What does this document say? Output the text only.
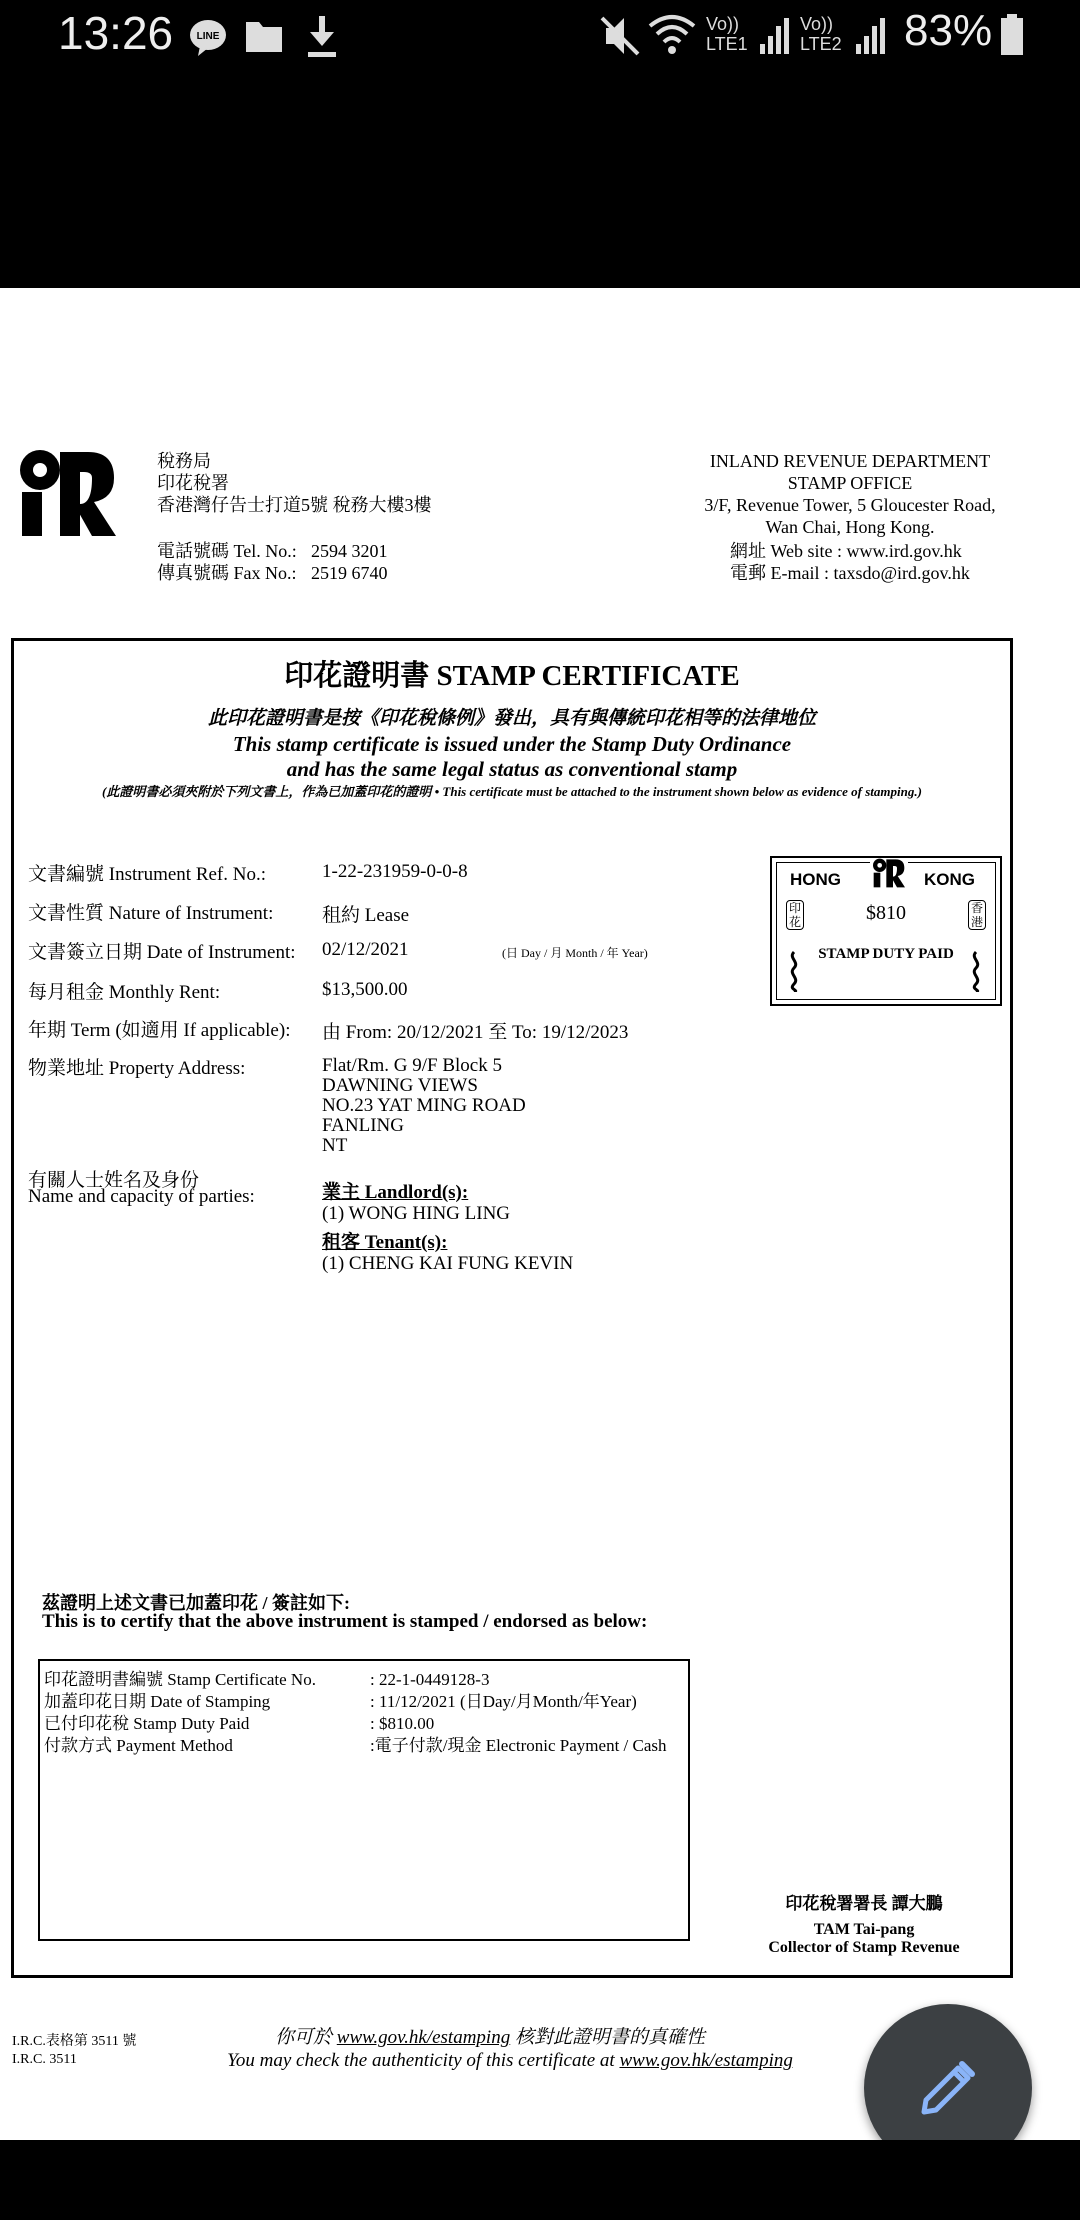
13:26 LINE
Vo)) LTE1
Vo)) LTE2 83%
稅務局
印花稅署
香港灣仔告士打道5號 稅務大樓3樓
電話號碼 Tel. No.: 2594 3201
傳真號碼 Fax No.: 2519 6740
INLAND REVENUE DEPARTMENT
STAMP OFFICE
3/F, Revenue Tower, 5 Gloucester Road,
Wan Chai, Hong Kong.
網址 Web site : www.ird.gov.hk
電郵 E-mail : taxsdo@ird.gov.hk
印花證明書 STAMP CERTIFICATE
此印花證明書是按《印花稅條例》發出，具有與傳統印花相等的法律地位
This stamp certificate is issued under the Stamp Duty Ordinance
and has the same legal status as conventional stamp
(此證明書必須夾附於下列文書上，作為已加蓋印花的證明 • This certificate must be attached to the instrument shown below as evidence of stamping.)
文書編號 Instrument Ref. No.:	1-22-231959-0-0-8
文書性質 Nature of Instrument:	租約 Lease
文書簽立日期 Date of Instrument: 02/12/2021	(日 Day / 月 Month / 年 Year)
每月租金 Monthly Rent:	$13,500.00
年期 Term (如適用 If applicable): 由 From: 20/12/2021 至 To: 19/12/2023
物業地址 Property Address:	Flat/Rm. G 9/F Block 5
DAWNING VIEWS
NO.23 YAT MING ROAD
FANLING
NT
有關人士姓名及身份
Name and capacity of parties:	業主 Landlord(s):
(1) WONG HING LING
租客 Tenant(s):
(1) CHENG KAI FUNG KEVIN
HONG	KONG
印花
香港
$810
STAMP DUTY PAID
茲證明上述文書已加蓋印花 / 簽註如下:
This is to certify that the above instrument is stamped / endorsed as below:
印花證明書編號 Stamp Certificate No.	: 22-1-0449128-3
加蓋印花日期 Date of Stamping	: 11/12/2021 (日Day/月Month/年Year)
已付印花稅 Stamp Duty Paid	: $810.00
付款方式 Payment Method	:電子付款/現金 Electronic Payment / Cash
印花稅署署長 譚大鵬
TAM Tai-pang
Collector of Stamp Revenue
I.R.C.表格第 3511 號
I.R.C. 3511
你可於 www.gov.hk/estamping 核對此證明書的真確性
You may check the authenticity of this certificate at www.gov.hk/estamping
